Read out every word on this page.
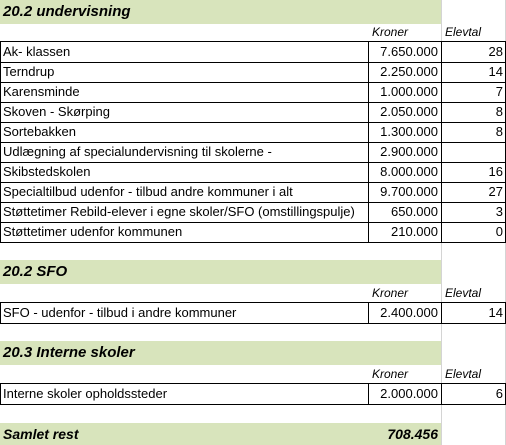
20.2 undervisning
Kroner	Elevtal
Ak- klassen	7.650.000	28
Terndrup	2.250.000	14
Karensminde	1.000.000	7
Skoven - Skørping	2.050.000	8
Sortebakken	1.300.000	8
Udlægning af specialundervisning til skolerne -	2.900.000
Skibstedskolen	8.000.000	16
Specialtilbud udenfor - tilbud andre kommuner i alt	9.700.000	27
Støttetimer Rebild-elever i egne skoler/SFO (omstillingspulje)	650.000	3
Støttetimer udenfor kommunen	210.000	0
20.2 SFO
Kroner	Elevtal
SFO - udenfor - tilbud i andre kommuner	2.400.000	14
20.3 Interne skoler
Kroner	Elevtal
Interne skoler opholdssteder	2.000.000	6
Samlet rest	708.456
